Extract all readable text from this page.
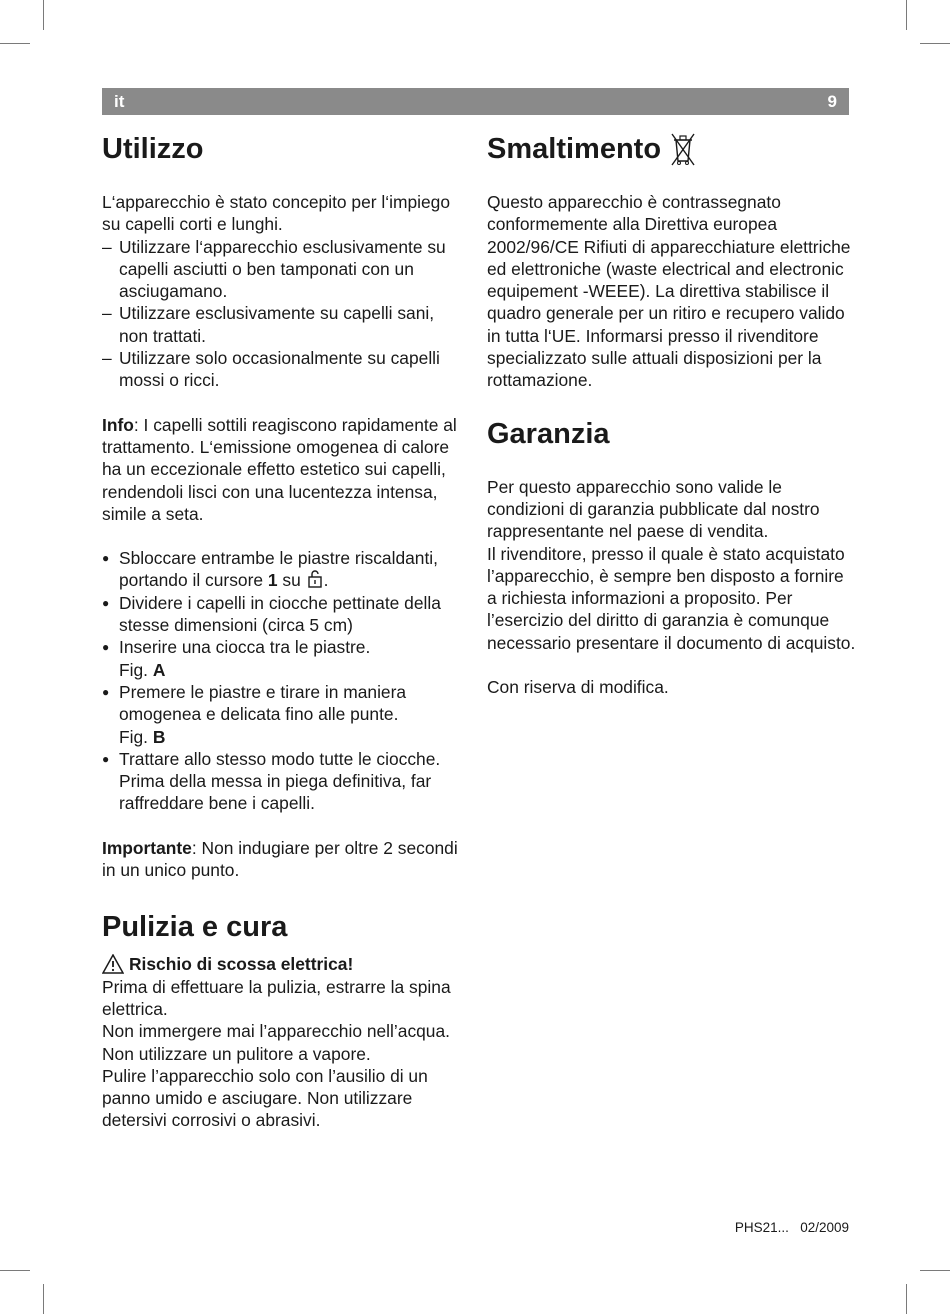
it	9
Utilizzo

L‘apparecchio è stato concepito per l‘impiego su capelli corti e lunghi.

– Utilizzare l‘apparecchio esclusivamente su capelli asciutti o ben tamponati con un asciugamano.
– Utilizzare esclusivamente su capelli sani, non trattati.
– Utilizzare solo occasionalmente su capelli mossi o ricci.

Info: I capelli sottili reagiscono rapidamente al trattamento. L‘emissione omogenea di calore ha un eccezionale effetto estetico sui capelli, rendendoli lisci con una lucentezza intensa, simile a seta.

● Sbloccare entrambe le piastre riscaldanti, portando il cursore 1 su .
● Dividere i capelli in ciocche pettinate della stesse dimensioni (circa 5 cm)
● Inserire una ciocca tra le piastre.
Fig. A
● Premere le piastre e tirare in maniera omogenea e delicata fino alle punte.
Fig. B
● Trattare allo stesso modo tutte le ciocche. Prima della messa in piega definitiva, far raffreddare bene i capelli.

Importante: Non indugiare per oltre 2 secondi in un unico punto.

Pulizia e cura
Rischio di scossa elettrica!

Prima di effettuare la pulizia, estrarre la spina elettrica.

Non immergere mai l’apparecchio nell’acqua.

Non utilizzare un pulitore a vapore.

Pulire l’apparecchio solo con l’ausilio di un panno umido e asciugare. Non utilizzare detersivi corrosivi o abrasivi.

Smaltimento

Questo apparecchio è contrassegnato conformemente alla Direttiva europea 2002/96/CE Rifiuti di apparecchiature elettriche ed elettroniche (waste electrical and electronic equipement -WEEE). La direttiva stabilisce il quadro generale per un ritiro e recupero valido in tutta l‘UE. Informarsi presso il rivenditore specializzato sulle attuali disposizioni per la rottamazione.

Garanzia

Per questo apparecchio sono valide le condizioni di garanzia pubblicate dal nostro rappresentante nel paese di vendita.

Il rivenditore, presso il quale è stato acquistato l’apparecchio, è sempre ben disposto a fornire a richiesta informazioni a proposito. Per l’esercizio del diritto di garanzia è comunque necessario presentare il documento di acquisto.

Con riserva di modifica.

PHS21... 02/2009
